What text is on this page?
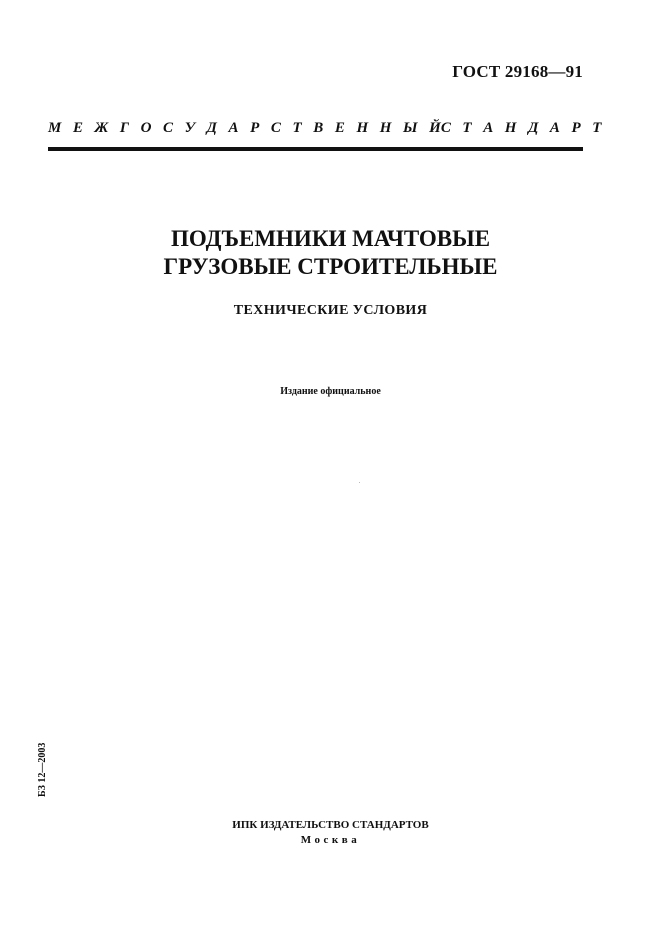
ГОСТ 29168—91
М Е Ж Г О С У Д А Р С Т В Е Н Н Ы Й С Т А Н Д А Р Т
ПОДЪЕМНИКИ МАЧТОВЫЕ
ГРУЗОВЫЕ СТРОИТЕЛЬНЫЕ
ТЕХНИЧЕСКИЕ УСЛОВИЯ
Издание официальное
БЗ 12—2003
ИПК ИЗДАТЕЛЬСТВО СТАНДАРТОВ
Москва
